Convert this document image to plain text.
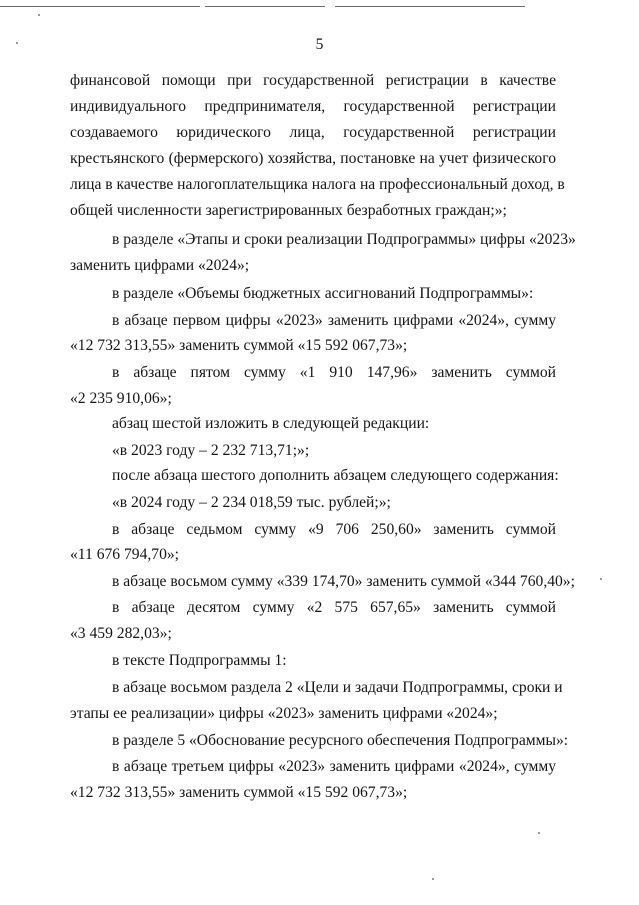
5
финансовой помощи при государственной регистрации в качестве
индивидуального предпринимателя, государственной регистрации
создаваемого юридического лица, государственной регистрации
крестьянского (фермерского) хозяйства, постановке на учет физического
лица в качестве налогоплательщика налога на профессиональный доход, в
общей численности зарегистрированных безработных граждан;»;
в разделе «Этапы и сроки реализации Подпрограммы» цифры «2023»
заменить цифрами «2024»;
в разделе «Объемы бюджетных ассигнований Подпрограммы»:
в абзаце первом цифры «2023» заменить цифрами «2024», сумму
«12 732 313,55» заменить суммой «15 592 067,73»;
в абзаце пятом сумму «1 910 147,96» заменить суммой
«2 235 910,06»;
абзац шестой изложить в следующей редакции:
«в 2023 году – 2 232 713,71;»;
после абзаца шестого дополнить абзацем следующего содержания:
«в 2024 году – 2 234 018,59 тыс. рублей;»;
в абзаце седьмом сумму «9 706 250,60» заменить суммой
«11 676 794,70»;
в абзаце восьмом сумму «339 174,70» заменить суммой «344 760,40»;
в абзаце десятом сумму «2 575 657,65» заменить суммой
«3 459 282,03»;
в тексте Подпрограммы 1:
в абзаце восьмом раздела 2 «Цели и задачи Подпрограммы, сроки и
этапы ее реализации» цифры «2023» заменить цифрами «2024»;
в разделе 5 «Обоснование ресурсного обеспечения Подпрограммы»:
в абзаце третьем цифры «2023» заменить цифрами «2024», сумму
«12 732 313,55» заменить суммой «15 592 067,73»;
